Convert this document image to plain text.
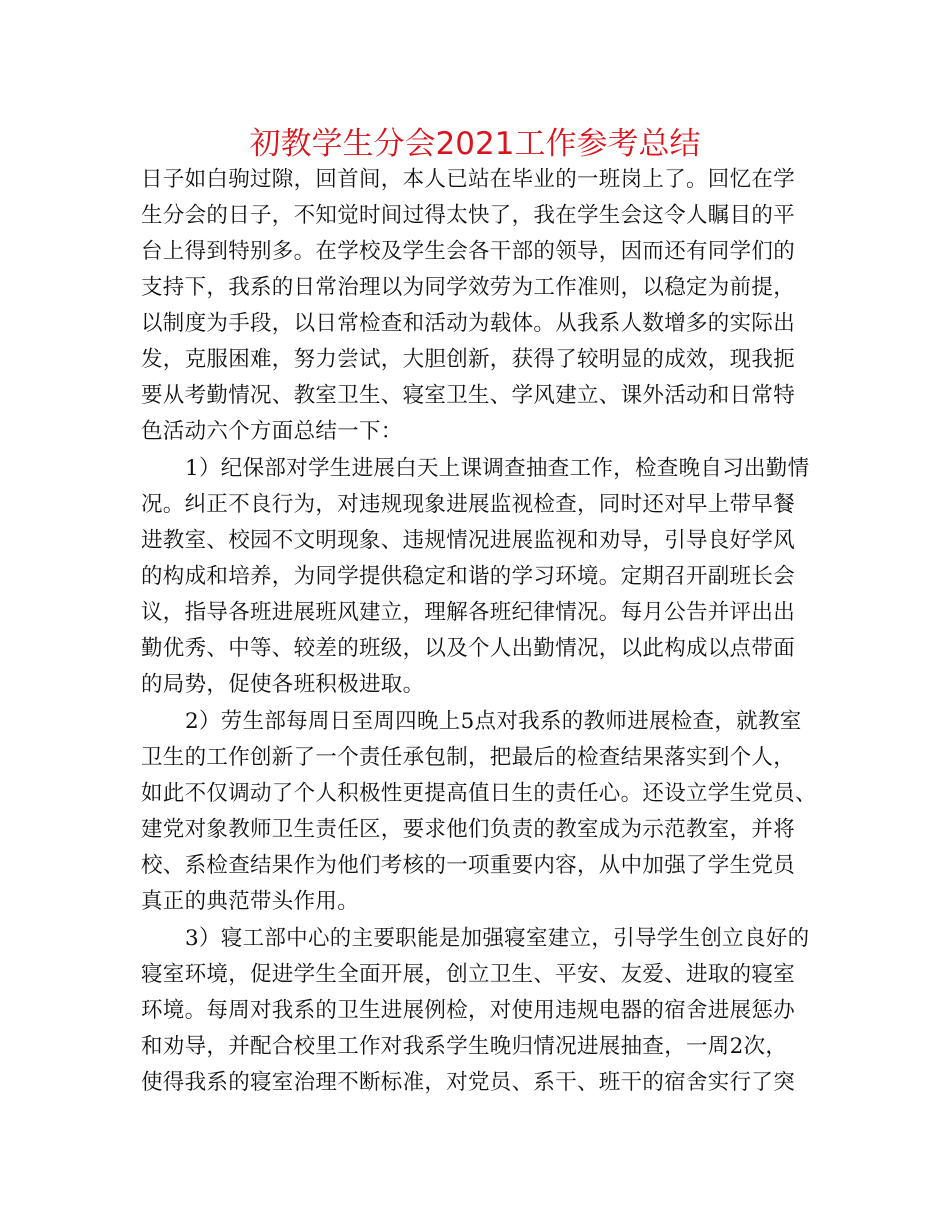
初教学生分会2021工作参考总结
日子如白驹过隙，回首间，本人已站在毕业的一班岗上了。回忆在学
生分会的日子，不知觉时间过得太快了，我在学生会这令人瞩目的平
台上得到特别多。在学校及学生会各干部的领导，因而还有同学们的
支持下，我系的日常治理以为同学效劳为工作准则，以稳定为前提，
以制度为手段，以日常检查和活动为载体。从我系人数增多的实际出
发，克服困难，努力尝试，大胆创新，获得了较明显的成效，现我扼
要从考勤情况、教室卫生、寝室卫生、学风建立、课外活动和日常特
色活动六个方面总结一下：
1）纪保部对学生进展白天上课调查抽查工作，检查晚自习出勤情
况。纠正不良行为，对违规现象进展监视检查，同时还对早上带早餐
进教室、校园不文明现象、违规情况进展监视和劝导，引导良好学风
的构成和培养，为同学提供稳定和谐的学习环境。定期召开副班长会
议，指导各班进展班风建立，理解各班纪律情况。每月公告并评出出
勤优秀、中等、较差的班级，以及个人出勤情况，以此构成以点带面
的局势，促使各班积极进取。
2）劳生部每周日至周四晚上5点对我系的教师进展检查，就教室
卫生的工作创新了一个责任承包制，把最后的检查结果落实到个人，
如此不仅调动了个人积极性更提高值日生的责任心。还设立学生党员、
建党对象教师卫生责任区，要求他们负责的教室成为示范教室，并将
校、系检查结果作为他们考核的一项重要内容，从中加强了学生党员
真正的典范带头作用。
3）寝工部中心的主要职能是加强寝室建立，引导学生创立良好的
寝室环境，促进学生全面开展，创立卫生、平安、友爱、进取的寝室
环境。每周对我系的卫生进展例检，对使用违规电器的宿舍进展惩办
和劝导，并配合校里工作对我系学生晚归情况进展抽查，一周2次，
使得我系的寝室治理不断标准，对党员、系干、班干的宿舍实行了突
